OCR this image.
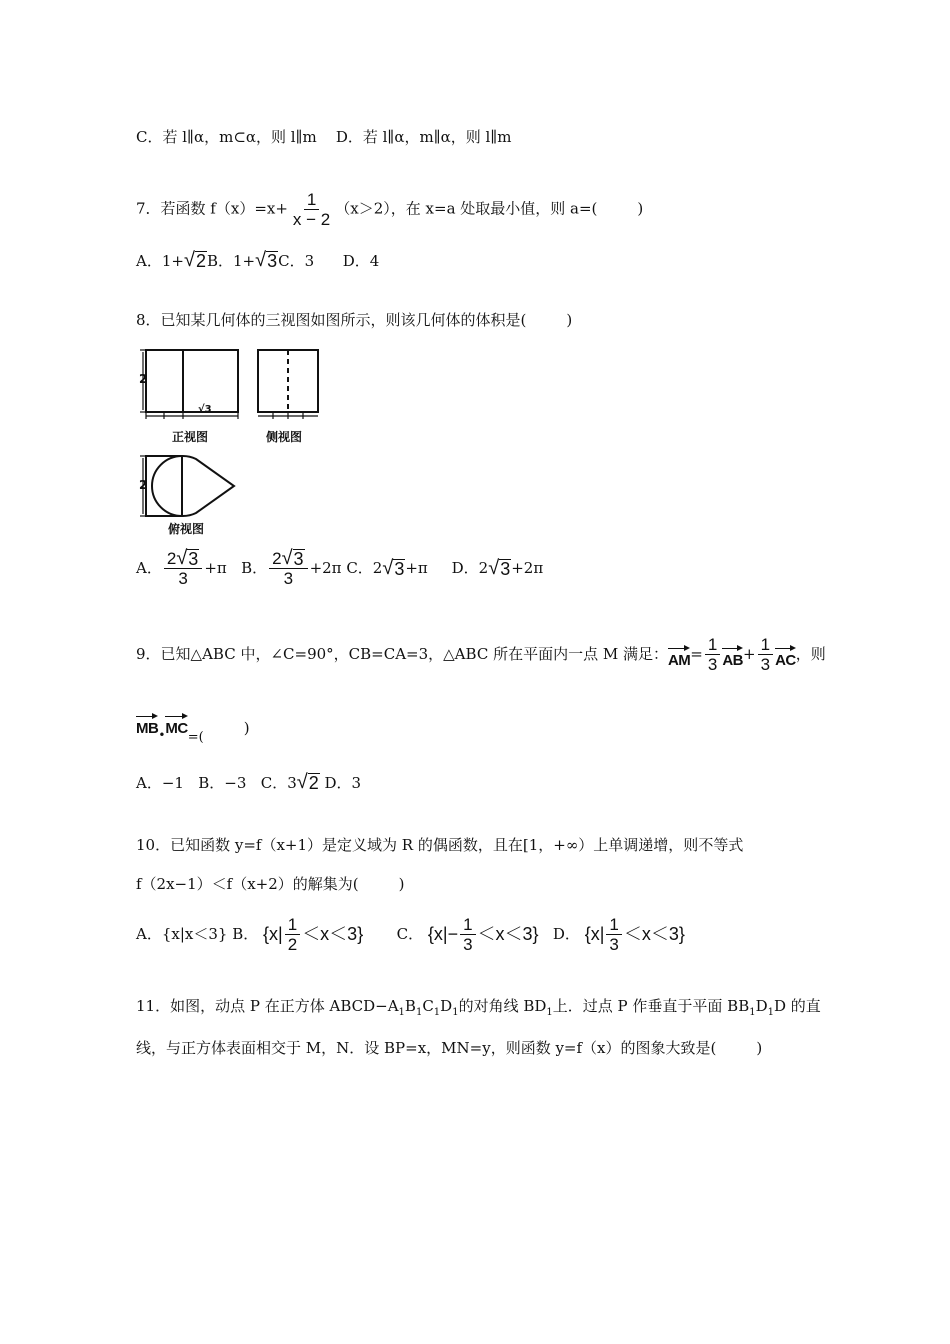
C．若 l∥α，m⊂α，则 l∥m D．若 l∥α，m∥α，则 l∥m
7．若函数 $f(x)=x+ \frac{1}{x - 2} (x>2)$，在 x=a 处取最小值，则 a=(	)
A．1+ √ 2 B．1+ √ 3 C．3 D．4
8．已知某几何体的三视图如图所示，则该几何体的体积是(	)
2
√3
正视图	侧视图
2
俯视图
A． $\frac{2 √ 3}{3} +\pi$
B． $\frac{2 √ 3}{3} +2\pi$
C．2 √ 3 +π
D．2 √ 3 +2π
9．已知△ABC 中，∠C=90°，CB=CA=3，△ABC 所在平面内一点 M 满足： AM = $\frac{1}{3}$ AB + $\frac{1}{3}$ AC ，则
$MB_•MC=()$
A．−1 B．−3 C．3 √ 2 D．3
10．已知函数 y=f（x+1）是定义域为 R 的偶函数，且在[1，+∞）上单调递增，则不等式
f（2x−1）＜f（x+2）的解集为(	)
A．{x|x＜3}
B．
$\{x| \frac{1}{2} <x<3\}$
C．
$\{x|- \frac{1}{3} <x<3\}$
D．
$\{x| \frac{1}{3} <x<3\}$
11．如图，动点 P 在正方体 $ABCD-A_1B_1C_1D_1$的对角线 $BD_1$上．过点 P 作垂直于平面 $BB_1D_1D$ 的直
线，与正方体表面相交于 M，N．设 BP=x，MN=y，则函数 y=f（x）的图象大致是(	)
